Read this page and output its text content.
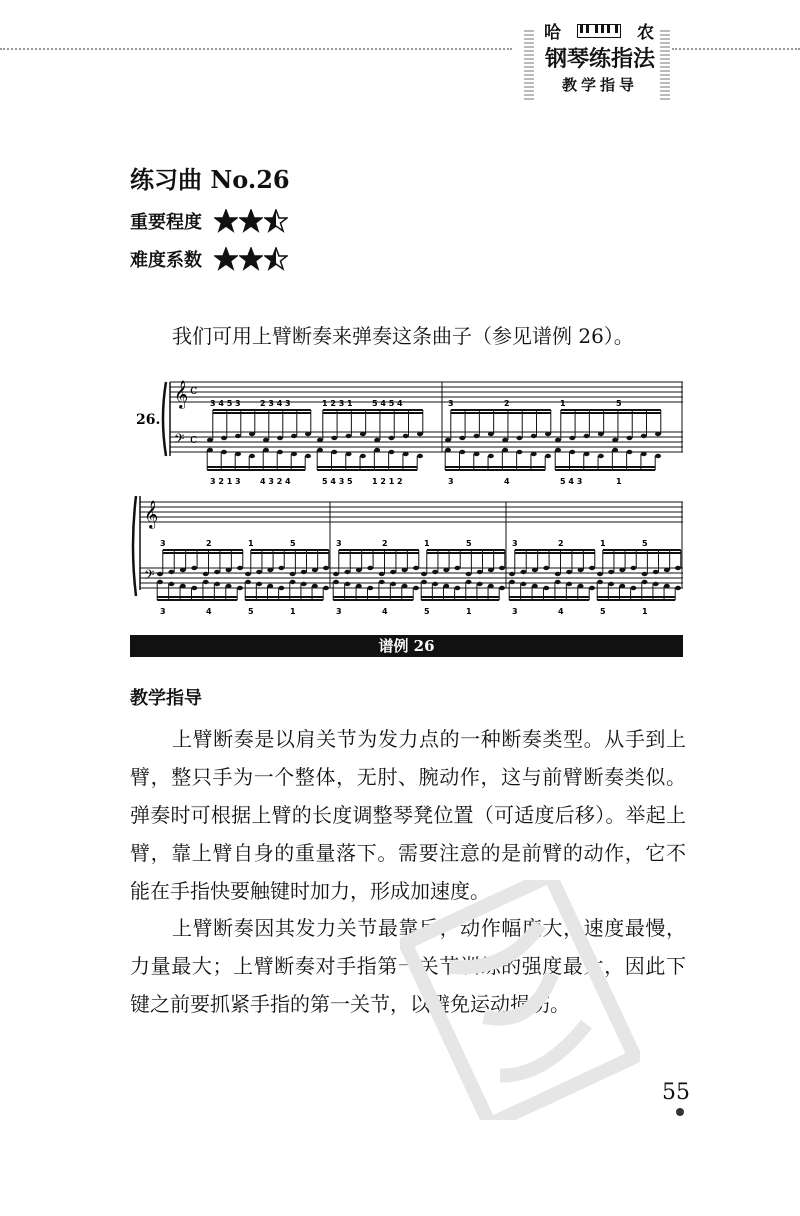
哈	农
钢琴练指法
教学指导
练习曲 No.26
重要程度
难度系数
我们可用上臂断奏来弹奏这条曲子（参见谱例 26）。
𝄞
𝄢
c
c
26.
3 4 5 3 2 3 4 3	1 2 3 1 5 4 5 4	3	2	1	5
3 2 1 3 4 3 2 4	5 4 3 5 1 2 1 2	3	4	5 4 3	1
𝄞
𝄢
3	2	1	5	3	2	1	5	3	2	1	5
3	4	5	1	3	4	5	1	3	4	5	1
谱例 26
教学指导

上臂断奏是以肩关节为发力点的一种断奏类型。从手到上臂，整只手为一个整体，无肘、腕动作，这与前臂断奏类似。弹奏时可根据上臂的长度调整琴凳位置（可适度后移）。举起上臂，靠上臂自身的重量落下。需要注意的是前臂的动作，它不能在手指快要触键时加力，形成加速度。

上臂断奏因其发力关节最靠后，动作幅度大，速度最慢，力量最大；上臂断奏对手指第一关节训练的强度最大，因此下键之前要抓紧手指的第一关节，以避免运动损伤。

55
